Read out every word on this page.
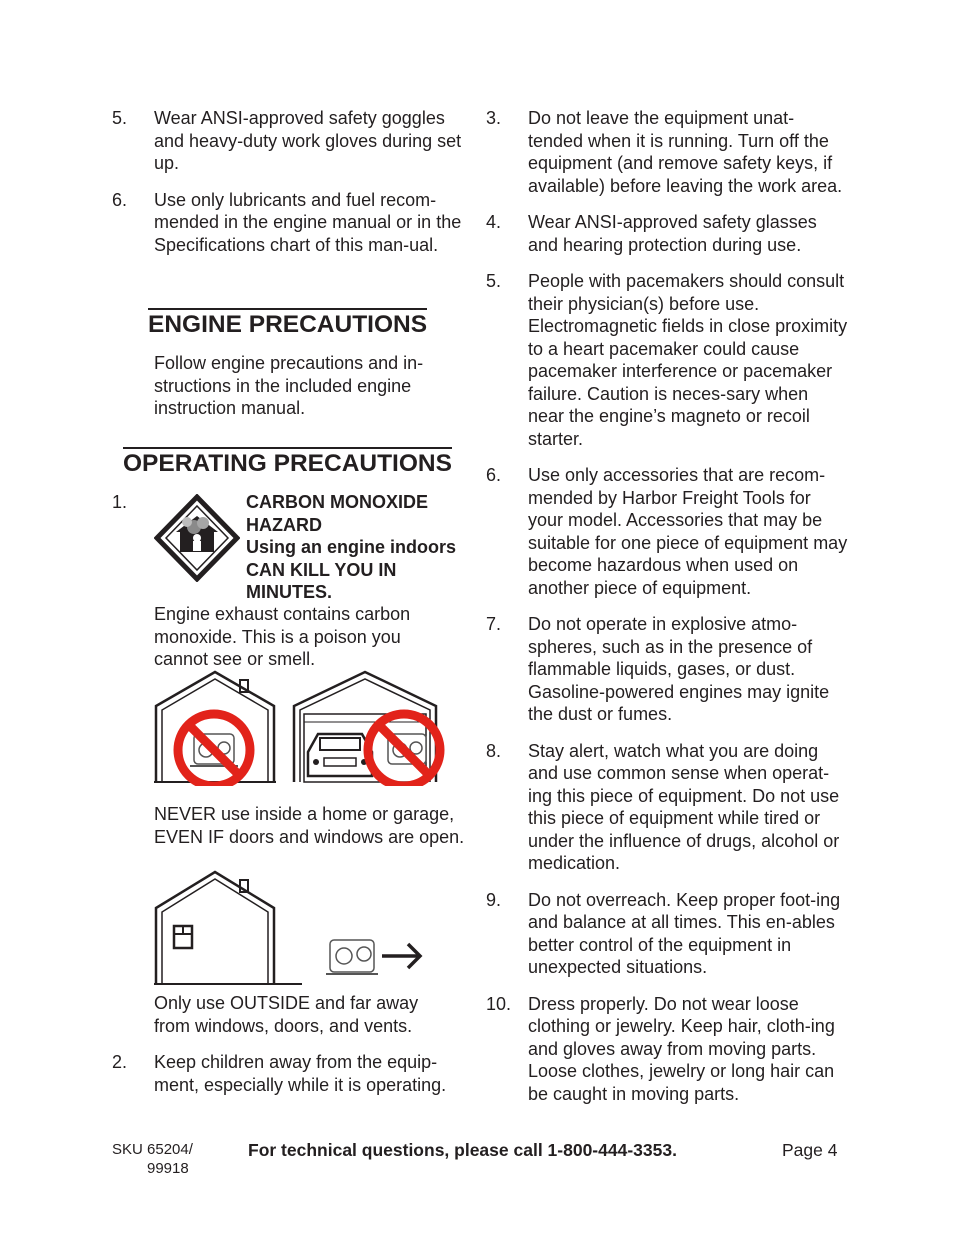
5. Wear ANSI-approved safety goggles and heavy-duty work gloves during set up.
6. Use only lubricants and fuel recom-mended in the engine manual or in the Specifications chart of this man-ual.
ENGINE PRECAUTIONS
Follow engine precautions and in-structions in the included engine instruction manual.
OPERATING PRECAUTIONS
1.	CARBON MONOXIDE HAZARD
Using an engine indoors CAN KILL YOU IN MINUTES.
Engine exhaust contains carbon monoxide. This is a poison you cannot see or smell.
NEVER use inside a home or garage, EVEN IF doors and windows are open.
Only use OUTSIDE and far away from windows, doors, and vents.
2. Keep children away from the equip-ment, especially while it is operating.
3. Do not leave the equipment unat-tended when it is running. Turn off the equipment (and remove safety keys, if available) before leaving the work area.
4. Wear ANSI-approved safety glasses and hearing protection during use.
5. People with pacemakers should consult their physician(s) before use. Electromagnetic fields in close proximity to a heart pacemaker could cause pacemaker interference or pacemaker failure. Caution is neces-sary when near the engine’s magneto or recoil starter.
6. Use only accessories that are recom-mended by Harbor Freight Tools for your model. Accessories that may be suitable for one piece of equipment may become hazardous when used on another piece of equipment.
7. Do not operate in explosive atmo-spheres, such as in the presence of flammable liquids, gases, or dust. Gasoline-powered engines may ignite the dust or fumes.
8. Stay alert, watch what you are doing and use common sense when operat-ing this piece of equipment. Do not use this piece of equipment while tired or under the influence of drugs, alcohol or medication.
9. Do not overreach. Keep proper foot-ing and balance at all times. This en-ables better control of the equipment in unexpected situations.
10. Dress properly. Do not wear loose clothing or jewelry. Keep hair, cloth-ing and gloves away from moving parts. Loose clothes, jewelry or long hair can be caught in moving parts.
SKU 65204/
99918
For technical questions, please call 1-800-444-3353.	Page 4
